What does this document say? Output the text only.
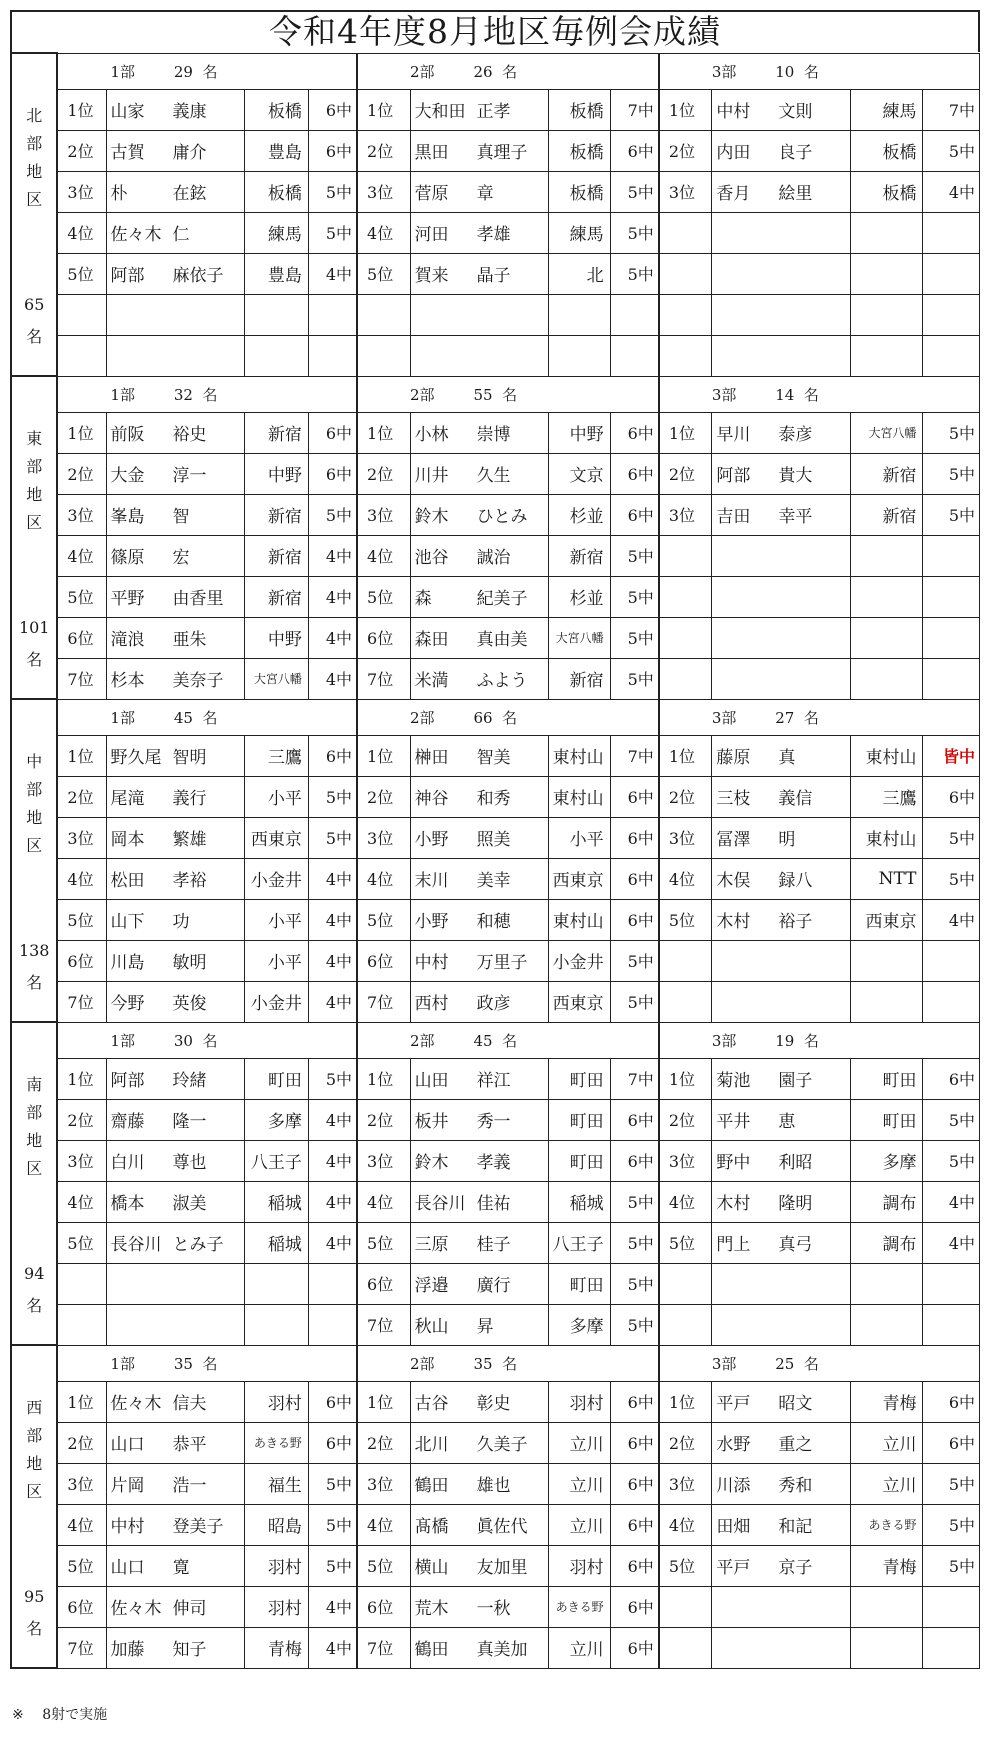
令和4年度8月地区毎例会成績
北部地区
65
名	1部 29 名				2部 26 名				3部 10 名			
	1位	山家 義康	板橋	6中	1位	大和田 正孝	板橋	7中	1位	中村 文則	練馬	7中
	2位	古賀 庸介	豊島	6中	2位	黒田 真理子	板橋	6中	2位	内田 良子	板橋	5中
	3位	朴 在鉉	板橋	5中	3位	菅原 章	板橋	5中	3位	香月 絵里	板橋	4中
	4位	佐々木 仁	練馬	5中	4位	河田 孝雄	練馬	5中				
	5位	阿部 麻依子	豊島	4中	5位	賀来 晶子	北	5中				

東部地区
101
名	1部 32 名				2部 55 名				3部 14 名			
	1位	前阪 裕史	新宿	6中	1位	小林 崇博	中野	6中	1位	早川 泰彦	大宮八幡	5中
	2位	大金 淳一	中野	6中	2位	川井 久生	文京	6中	2位	阿部 貴大	新宿	5中
	3位	峯島 智	新宿	5中	3位	鈴木 ひとみ	杉並	6中	3位	吉田 幸平	新宿	5中
	4位	篠原 宏	新宿	4中	4位	池谷 誠治	新宿	5中				
	5位	平野 由香里	新宿	4中	5位	森 紀美子	杉並	5中				
	6位	滝浪 亜朱	中野	4中	6位	森田 真由美	大宮八幡	5中				
	7位	杉本 美奈子	大宮八幡	4中	7位	米満 ふよう	新宿	5中				

中部地区
138
名	1部 45 名				2部 66 名				3部 27 名			
	1位	野久尾 智明	三鷹	6中	1位	榊田 智美	東村山	7中	1位	藤原 真	東村山	皆中
	2位	尾滝 義行	小平	5中	2位	神谷 和秀	東村山	6中	2位	三枝 義信	三鷹	6中
	3位	岡本 繁雄	西東京	5中	3位	小野 照美	小平	6中	3位	冨澤 明	東村山	5中
	4位	松田 孝裕	小金井	4中	4位	末川 美幸	西東京	6中	4位	木俣 録八	NTT	5中
	5位	山下 功	小平	4中	5位	小野 和穂	東村山	6中	5位	木村 裕子	西東京	4中
	6位	川島 敏明	小平	4中	6位	中村 万里子	小金井	5中				
	7位	今野 英俊	小金井	4中	7位	西村 政彦	西東京	5中				

南部地区
94
名	1部 30 名				2部 45 名				3部 19 名			
	1位	阿部 玲緒	町田	5中	1位	山田 祥江	町田	7中	1位	菊池 園子	町田	6中
	2位	齋藤 隆一	多摩	4中	2位	板井 秀一	町田	6中	2位	平井 恵	町田	5中
	3位	白川 尊也	八王子	4中	3位	鈴木 孝義	町田	6中	3位	野中 利昭	多摩	5中
	4位	橋本 淑美	稲城	4中	4位	長谷川 佳祐	稲城	5中	4位	木村 隆明	調布	4中
	5位	長谷川 とみ子	稲城	4中	5位	三原 桂子	八王子	5中	5位	門上 真弓	調布	4中
					6位	浮邉 廣行	町田	5中				
					7位	秋山 昇	多摩	5中				

西部地区
95
名	1部 35 名				2部 35 名				3部 25 名			
	1位	佐々木 信夫	羽村	6中	1位	古谷 彰史	羽村	6中	1位	平戸 昭文	青梅	6中
	2位	山口 恭平	あきる野	6中	2位	北川 久美子	立川	6中	2位	水野 重之	立川	6中
	3位	片岡 浩一	福生	5中	3位	鶴田 雄也	立川	6中	3位	川添 秀和	立川	5中
	4位	中村 登美子	昭島	5中	4位	髙橋 眞佐代	立川	6中	4位	田畑 和記	あきる野	5中
	5位	山口 寛	羽村	5中	5位	横山 友加里	羽村	6中	5位	平戸 京子	青梅	5中
	6位	佐々木 伸司	羽村	4中	6位	荒木 一秋	あきる野	6中				
	7位	加藤 知子	青梅	4中	7位	鶴田 真美加	立川	6中				
※ 8射で実施
